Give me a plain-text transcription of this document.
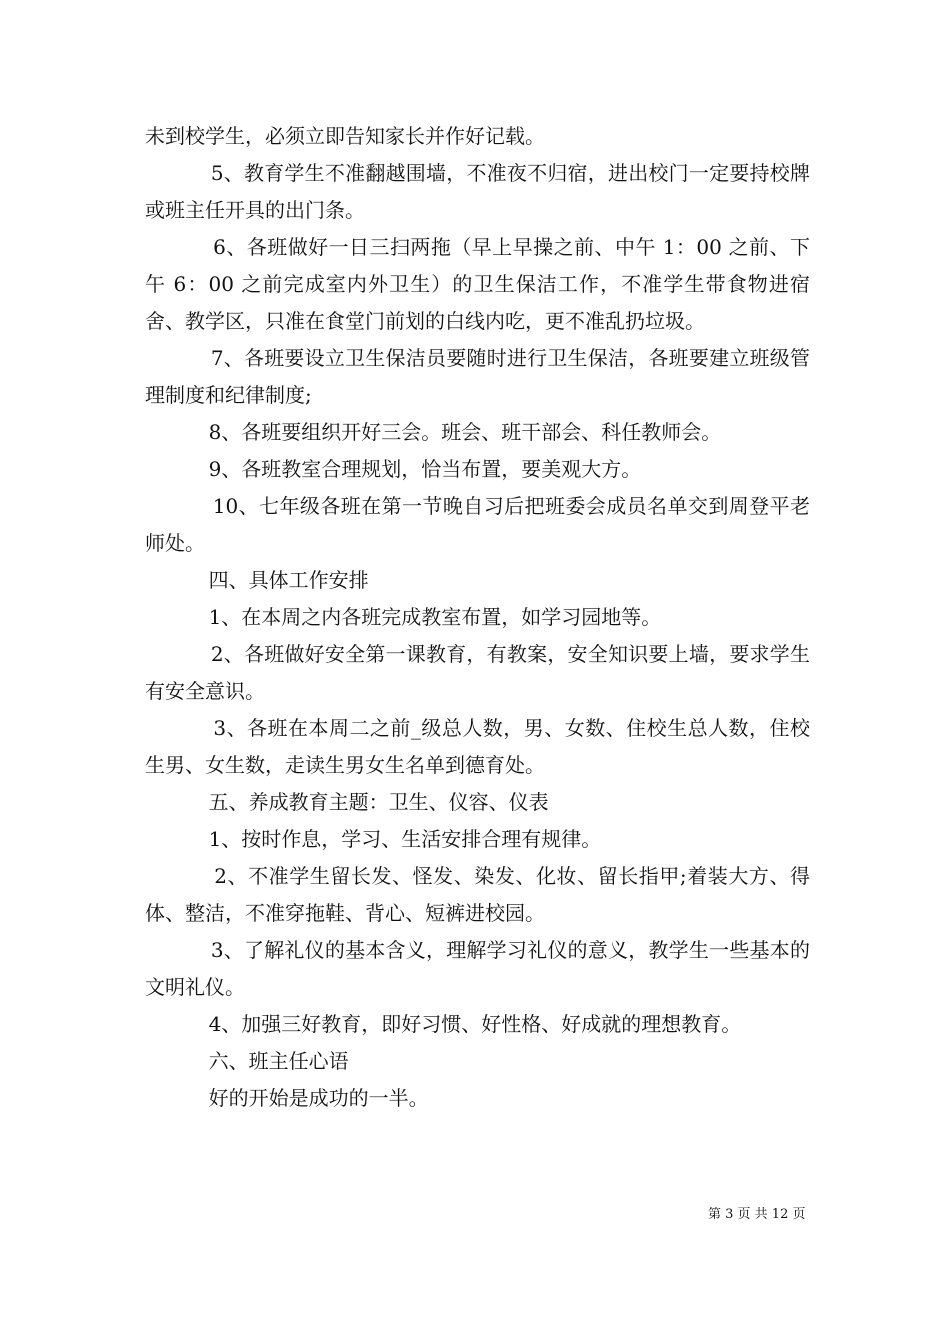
未到校学生，必须立即告知家长并作好记载。

5、教育学生不准翻越围墙，不准夜不归宿，进出校门一定要持校牌或班主任开具的出门条。

6、各班做好一日三扫两拖（早上早操之前、中午 1：00 之前、下午 6：00 之前完成室内外卫生）的卫生保洁工作，不准学生带食物进宿舍、教学区，只准在食堂门前划的白线内吃，更不准乱扔垃圾。

7、各班要设立卫生保洁员要随时进行卫生保洁，各班要建立班级管理制度和纪律制度;

8、各班要组织开好三会。班会、班干部会、科任教师会。

9、各班教室合理规划，恰当布置，要美观大方。

10、七年级各班在第一节晚自习后把班委会成员名单交到周登平老师处。

四、具体工作安排

1、在本周之内各班完成教室布置，如学习园地等。

2、各班做好安全第一课教育，有教案，安全知识要上墙，要求学生有安全意识。

3、各班在本周二之前_级总人数，男、女数、住校生总人数，住校生男、女生数，走读生男女生名单到德育处。

五、养成教育主题：卫生、仪容、仪表

1、按时作息，学习、生活安排合理有规律。

2、不准学生留长发、怪发、染发、化妆、留长指甲;着装大方、得体、整洁，不准穿拖鞋、背心、短裤进校园。

3、了解礼仪的基本含义，理解学习礼仪的意义，教学生一些基本的文明礼仪。

4、加强三好教育，即好习惯、好性格、好成就的理想教育。

六、班主任心语

好的开始是成功的一半。

第 3 页 共 12 页
